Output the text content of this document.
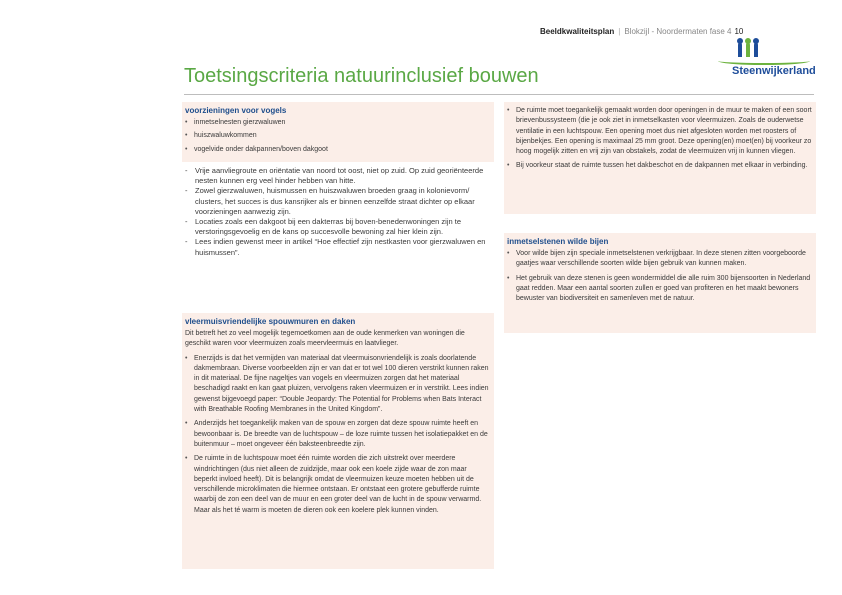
Beeldkwaliteitsplan | Blokzijl - Noordermaten fase 4 10
Steenwijkerland
Toetsingscriteria natuurinclusief bouwen
voorzieningen voor vogels
• inmetselnesten gierzwaluwen
• huiszwaluwkommen
• vogelvide onder dakpannen/boven dakgoot
- Vrije aanvliegroute en oriëntatie van noord tot oost, niet op zuid. Op zuid georiënteerde nesten kunnen erg veel hinder hebben van hitte.
- Zowel gierzwaluwen, huismussen en huiszwaluwen broeden graag in kolonievorm/ clusters, het succes is dus kansrijker als er binnen eenzelfde straat dichter op elkaar voorzieningen aanwezig zijn.
- Locaties zoals een dakgoot bij een dakterras bij boven-benedenwoningen zijn te verstoringsgevoelig en de kans op succesvolle bewoning zal hier klein zijn.
- Lees indien gewenst meer in artikel “Hoe effectief zijn nestkasten voor gierzwaluwen en huismussen”.
vleermuisvriendelijke spouwmuren en daken

Dit betreft het zo veel mogelijk tegemoetkomen aan de oude kenmerken van woningen die geschikt waren voor vleermuizen zoals meervleermuis en laatvlieger.

• Enerzijds is dat het vermijden van materiaal dat vleermuisonvriendelijk is zoals doorlatende dakmembraan. Diverse voorbeelden zijn er van dat er tot wel 100 dieren verstrikt kunnen raken in dit materiaal. De fijne nageltjes van vogels en vleermuizen zorgen dat het materiaal beschadigd raakt en kan gaat pluizen, vervolgens raken vleermuizen er in verstrikt. Lees indien gewenst bijgevoegd paper: “Double Jeopardy: The Potential for Problems when Bats Interact with Breathable Roofing Membranes in the United Kingdom”.
• Anderzijds het toegankelijk maken van de spouw en zorgen dat deze spouw ruimte heeft en bewoonbaar is. De breedte van de luchtspouw – de loze ruimte tussen het isolatiepakket en de buitenmuur – moet ongeveer één baksteenbreedte zijn.
• De ruimte in de luchtspouw moet één ruimte worden die zich uitstrekt over meerdere windrichtingen (dus niet alleen de zuidzijde, maar ook een koele zijde waar de zon maar beperkt invloed heeft). Dit is belangrijk omdat de vleermuizen keuze moeten hebben uit de verschillende microklimaten die hiermee ontstaan. Er ontstaat een grotere gebufferde ruimte waarbij de zon een deel van de muur en een groter deel van de lucht in de spouw verwarmd. Maar als het té warm is moeten de dieren ook een koelere plek kunnen vinden.
• De ruimte moet toegankelijk gemaakt worden door openingen in de muur te maken of een soort brievenbussysteem (die je ook ziet in inmetselkasten voor vleermuizen. Zoals de ouderwetse ventilatie in een luchtspouw. Een opening moet dus niet afgesloten worden met roosters of bijenbekjes. Een opening is maximaal 25 mm groot. Deze opening(en) moet(en) bij voorkeur zo hoog mogelijk zitten en vrij zijn van obstakels, zodat de vleermuizen vrij in kunnen vliegen.
• Bij voorkeur staat de ruimte tussen het dakbeschot en de dakpannen met elkaar in verbinding.
inmetselstenen wilde bijen
• Voor wilde bijen zijn speciale inmetselstenen verkrijgbaar. In deze stenen zitten voorgeboorde gaatjes waar verschillende soorten wilde bijen gebruik van kunnen maken.
• Het gebruik van deze stenen is geen wondermiddel die alle ruim 300 bijensoorten in Nederland gaat redden. Maar een aantal soorten zullen er goed van profiteren en het maakt bewoners bewuster van biodiversiteit en samenleven met de natuur.
